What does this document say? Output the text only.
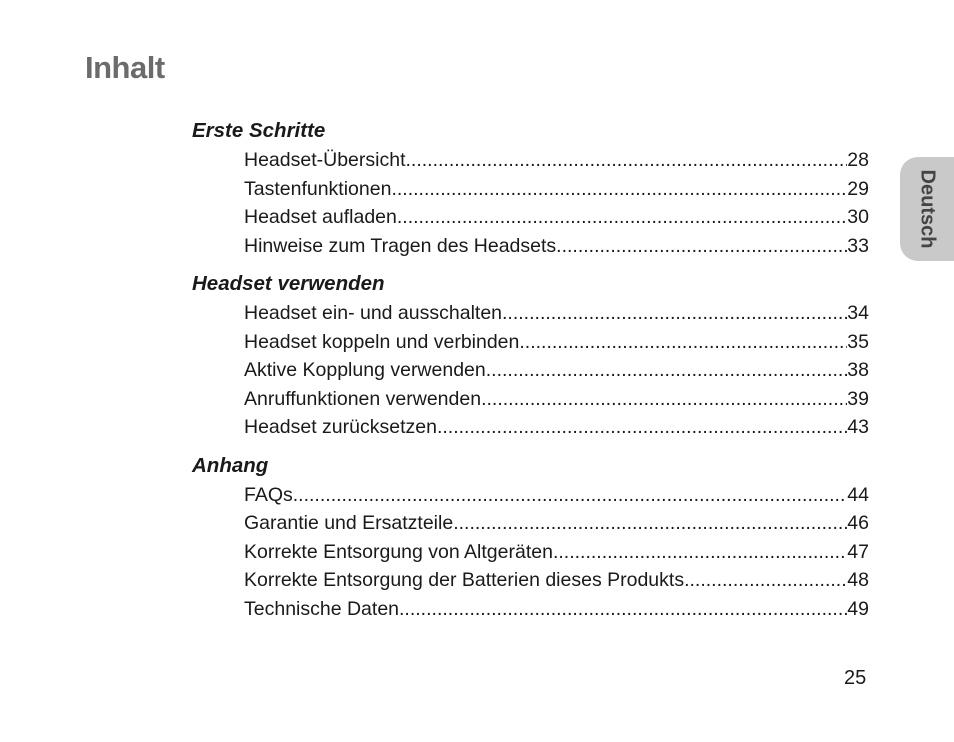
Inhalt
Erste Schritte
Headset-Übersicht .....	28
Tastenfunktionen .....	29
Headset aufladen .....	30
Hinweise zum Tragen des Headsets .....	33
Headset verwenden
Headset ein- und ausschalten .....	34
Headset koppeln und verbinden .....	35
Aktive Kopplung verwenden .....	38
Anruffunktionen verwenden .....	39
Headset zurücksetzen .....	43
Anhang
FAQs .....	44
Garantie und Ersatzteile .....	46
Korrekte Entsorgung von Altgeräten .....	47
Korrekte Entsorgung der Batterien dieses Produkts .....	48
Technische Daten .....	49
Deutsch
25
